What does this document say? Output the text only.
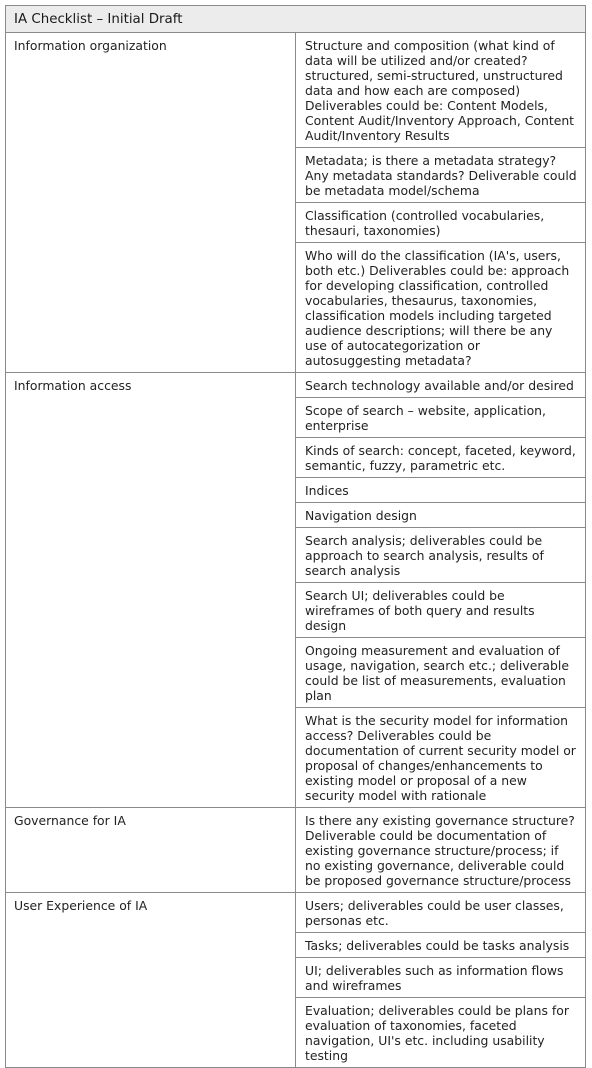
IA Checklist – Initial Draft	
Information organization	Structure and composition (what kind of data will be utilized and/or created? structured, semi-structured, unstructured data and how each are composed) Deliverables could be: Content Models, Content Audit/Inventory Approach, Content Audit/Inventory Results
	Metadata; is there a metadata strategy? Any metadata standards? Deliverable could be metadata model/schema
	Classification (controlled vocabularies, thesauri, taxonomies)
	Who will do the classification (IA's, users, both etc.) Deliverables could be: approach for developing classification, controlled vocabularies, thesaurus, taxonomies, classification models including targeted audience descriptions; will there be any use of autocategorization or autosuggesting metadata?
Information access	Search technology available and/or desired
	Scope of search – website, application, enterprise
	Kinds of search: concept, faceted, keyword, semantic, fuzzy, parametric etc.
	Indices
	Navigation design
	Search analysis; deliverables could be approach to search analysis, results of search analysis
	Search UI; deliverables could be wireframes of both query and results design
	Ongoing measurement and evaluation of usage, navigation, search etc.; deliverable could be list of measurements, evaluation plan
	What is the security model for information access? Deliverables could be documentation of current security model or proposal of changes/enhancements to existing model or proposal of a new security model with rationale
Governance for IA	Is there any existing governance structure? Deliverable could be documentation of existing governance structure/process; if no existing governance, deliverable could be proposed governance structure/process
User Experience of IA	Users; deliverables could be user classes, personas etc.
	Tasks; deliverables could be tasks analysis
	UI; deliverables such as information flows and wireframes
	Evaluation; deliverables could be plans for evaluation of taxonomies, faceted navigation, UI's etc. including usability testing
